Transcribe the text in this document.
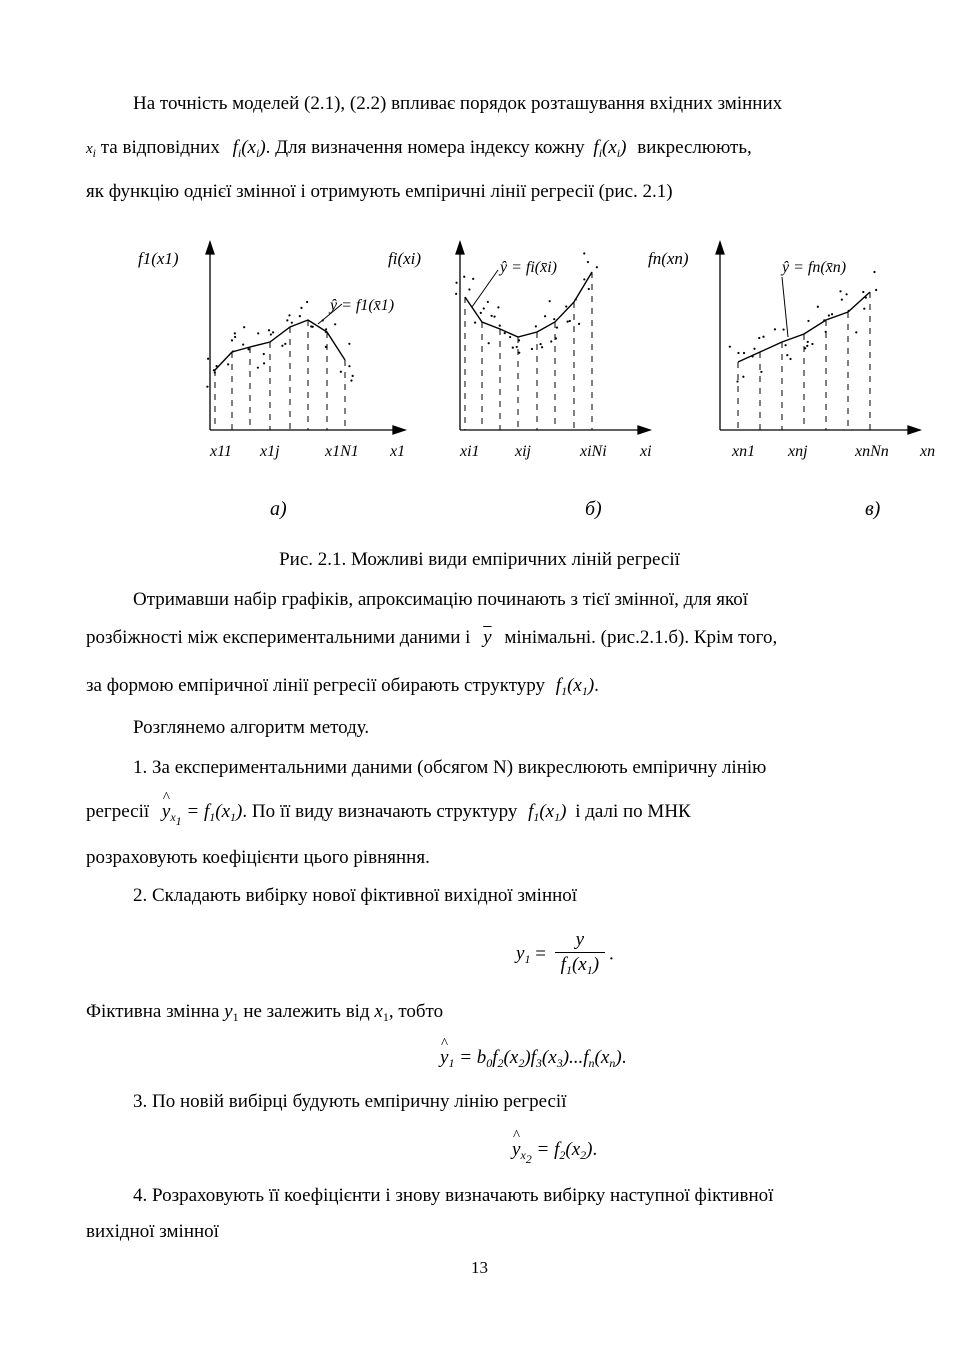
На точність моделей (2.1), (2.2) впливає порядок розташування вхідних змінних
$x_i$ та відповідних $f_i(x_i)$. Для визначення номера індексу кожну $f_i(x_i)$ викреслюють,
як функцію однієї змінної і отримують емпіричні лінії регресії (рис. 2.1)
f1(x1)
ŷ = f1(x̄1)
x11 x1j	x1N1 x1
а)
fi(xi)	ŷ = fi(x̄i)
xi1 xij	xiNi xi
б)
fn(xn)	ŷ = fn(x̄n)
xn1 xnj	xnNn xn
в)
Рис. 2.1. Можливі види емпіричних ліній регресії
Отримавши набір графіків, апроксимацію починають з тієї змінної, для якої
розбіжності між експериментальними даними і $\overline{y}$ мінімальні. (рис.2.1.б). Крім того,
за формою емпіричної лінії регресії обирають структуру $f_1(x_1)$.
Розглянемо алгоритм методу.
1. За експериментальними даними (обсягом N) викреслюють емпіричну лінію
регресії ^ $y_{x_1} = f_1(x_1)$. По її виду визначають структуру $f_1(x_1)$ і далі по МНК
розраховують коефіцієнти цього рівняння.
2. Складають вибірку нової фіктивної вихідної змінної
$y_1 = \frac{y}{f_1(x_1)}$ .
Фіктивна змінна $y_1$ не залежить від $x_1$, тобто
^ $y_1 = b_0f_2(x_2)f_3(x_3)...f_n(x_n)$.
3. По новій вибірці будують емпіричну лінію регресії
^ $y_{x_2} = f_2(x_2)$.
4. Розраховують її коефіцієнти і знову визначають вибірку наступної фіктивної
вихідної змінної
13
